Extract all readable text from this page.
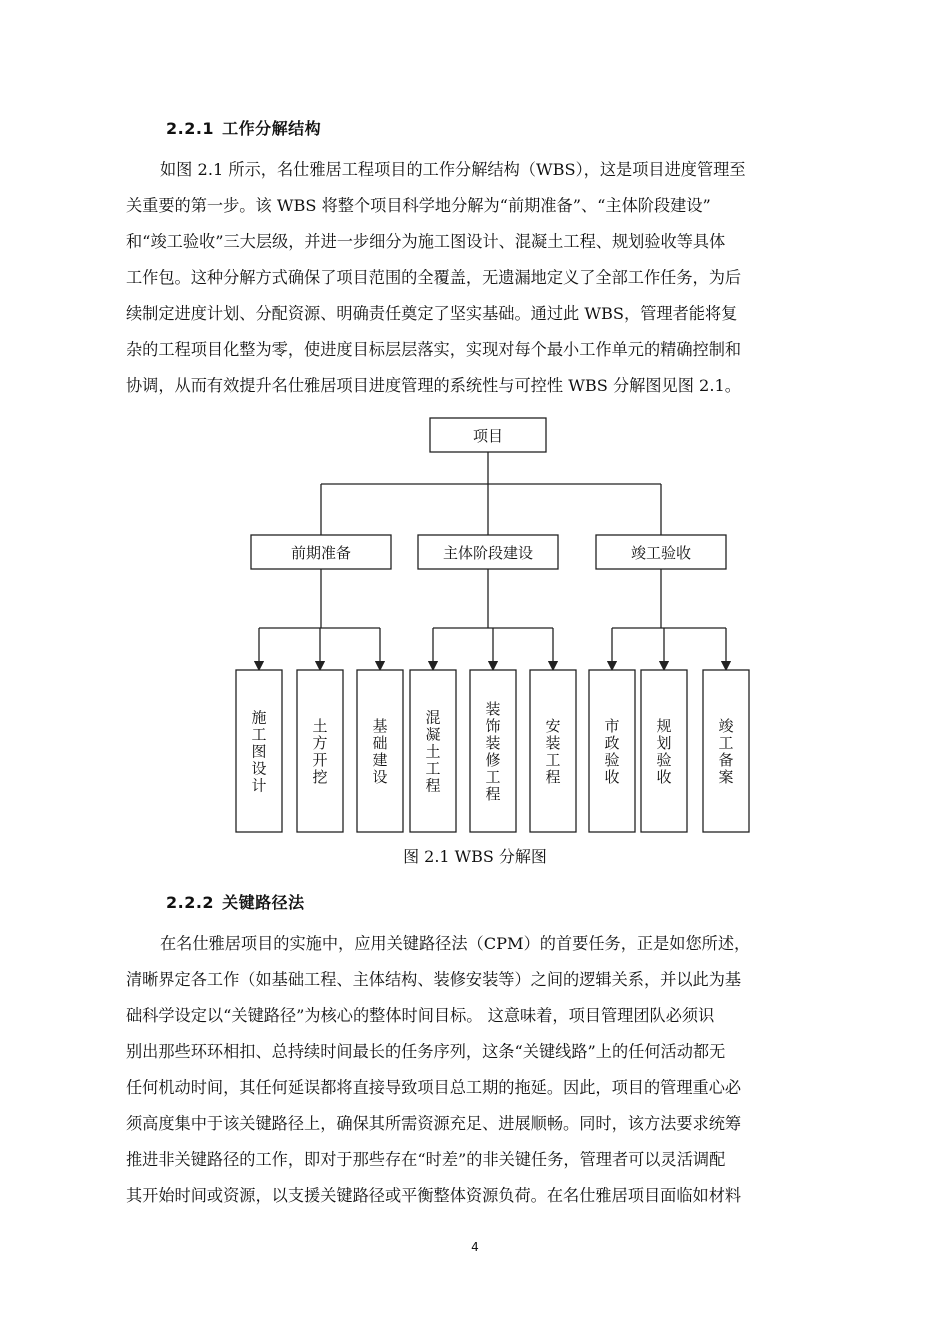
2.2.1 工作分解结构
如图 2.1 所示，名仕雅居工程项目的工作分解结构（WBS），这是项目进度管理至
关重要的第一步。该 WBS 将整个项目科学地分解为“前期准备”、“主体阶段建设”
和“竣工验收”三大层级，并进一步细分为施工图设计、混凝土工程、规划验收等具体
工作包。这种分解方式确保了项目范围的全覆盖，无遗漏地定义了全部工作任务，为后
续制定进度计划、分配资源、明确责任奠定了坚实基础。通过此 WBS，管理者能将复
杂的工程项目化整为零，使进度目标层层落实，实现对每个最小工作单元的精确控制和
协调，从而有效提升名仕雅居项目进度管理的系统性与可控性 WBS 分解图见图 2.1。
项目
前期准备	主体阶段建设	竣工验收
施工图设计
土方开挖
基础建设
混凝土工程
装饰装修工程
安装工程
市政验收
规划验收
竣工备案
图 2.1 WBS 分解图
2.2.2 关键路径法
在名仕雅居项目的实施中，应用关键路径法（CPM）的首要任务，正是如您所述，
清晰界定各工作（如基础工程、主体结构、装修安装等）之间的逻辑关系，并以此为基
础科学设定以“关键路径”为核心的整体时间目标。 这意味着，项目管理团队必须识
别出那些环环相扣、总持续时间最长的任务序列，这条“关键线路”上的任何活动都无
任何机动时间，其任何延误都将直接导致项目总工期的拖延。因此，项目的管理重心必
须高度集中于该关键路径上，确保其所需资源充足、进展顺畅。同时，该方法要求统筹
推进非关键路径的工作，即对于那些存在“时差”的非关键任务，管理者可以灵活调配
其开始时间或资源，以支援关键路径或平衡整体资源负荷。在名仕雅居项目面临如材料
4
